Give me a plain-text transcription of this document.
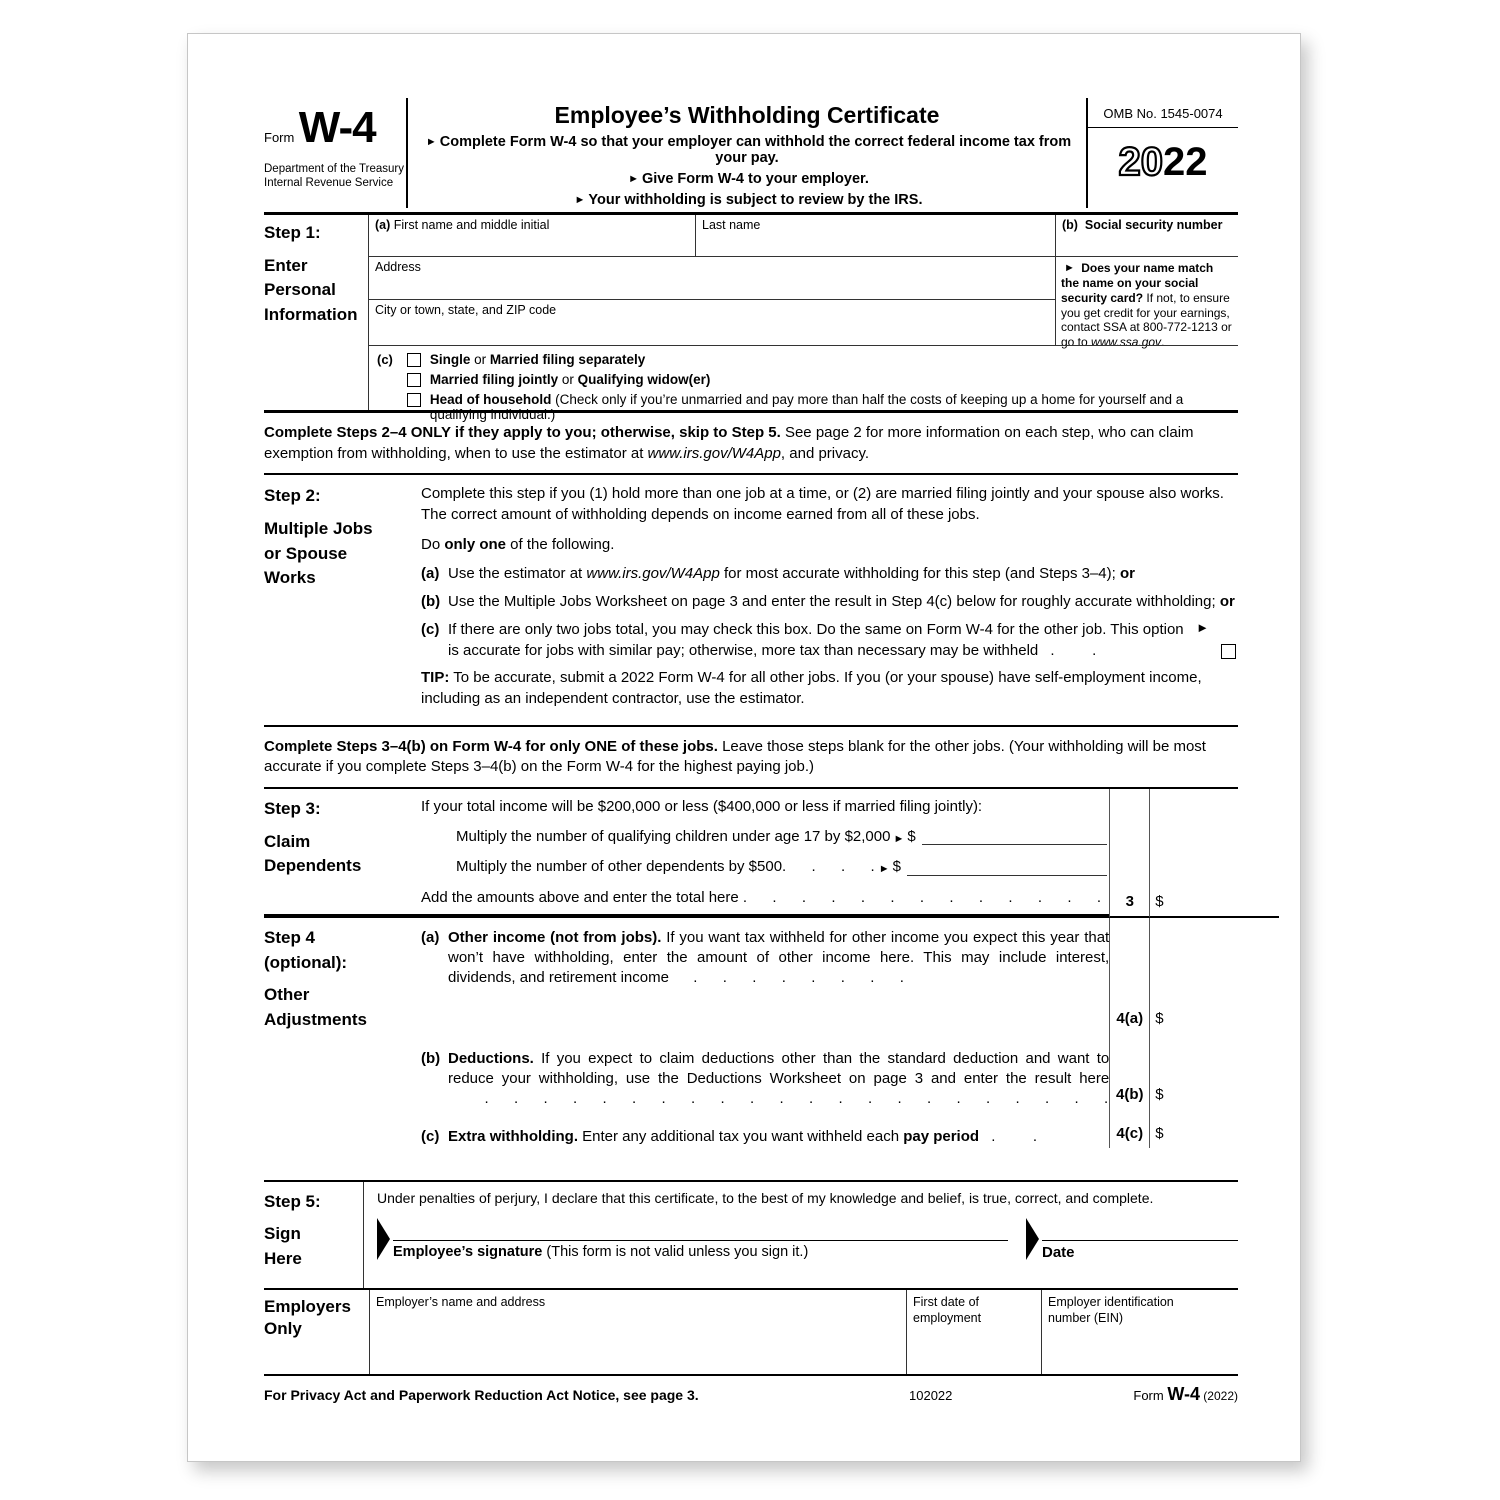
Form W-4
Department of the Treasury
Internal Revenue Service
Employee’s Withholding Certificate
► Complete Form W-4 so that your employer can withhold the correct federal income tax from your pay.
► Give Form W-4 to your employer.
► Your withholding is subject to review by the IRS.
OMB No. 1545-0074
2022
Step 1:
Enter
Personal
Information
(a) First name and middle initial	Last name	(b) Social security number
Address	► Does your name match the name on your social security card? If not, to ensure you get credit for your earnings, contact SSA at 800-772-1213 or go to www.ssa.gov.
City or town, state, and ZIP code
(c)	Single or Married filing separately
Married filing jointly or Qualifying widow(er)
Head of household (Check only if you’re unmarried and pay more than half the costs of keeping up a home for yourself and a qualifying individual.)
Complete Steps 2–4 ONLY if they apply to you; otherwise, skip to Step 5. See page 2 for more information on each step, who can claim exemption from withholding, when to use the estimator at www.irs.gov/W4App, and privacy.
Step 2:
Multiple Jobs
or Spouse
Works

Complete this step if you (1) hold more than one job at a time, or (2) are married filing jointly and your spouse also works. The correct amount of withholding depends on income earned from all of these jobs.

Do only one of the following.

(a) Use the estimator at www.irs.gov/W4App for most accurate withholding for this step (and Steps 3–4); or
(b) Use the Multiple Jobs Worksheet on page 3 and enter the result in Step 4(c) below for roughly accurate withholding; or
(c) If there are only two jobs total, you may check this box. Do the same on Form W-4 for the other job. This option is accurate for jobs with similar pay; otherwise, more tax than necessary may be withheld .   .
►
TIP: To be accurate, submit a 2022 Form W-4 for all other jobs. If you (or your spouse) have self-employment income, including as an independent contractor, use the estimator.
Complete Steps 3–4(b) on Form W-4 for only ONE of these jobs. Leave those steps blank for the other jobs. (Your withholding will be most accurate if you complete Steps 3–4(b) on the Form W-4 for the highest paying job.)
Step 3:
Claim
Dependents
If your total income will be $200,000 or less ($400,000 or less if married filing jointly):
Multiply the number of qualifying children under age 17 by $2,000 ► $
Multiply the number of other dependents by $500 .  .  .  . ► $
Add the amounts above and enter the total here
.  .  .  .  .  .  .  .  .  .  .  .  .	3	$
Step 4
(optional):
Other
Adjustments
(a) Other income (not from jobs). If you want tax withheld for other income you expect this year that won’t have withholding, enter the amount of other income here. This may include interest, dividends, and retirement income  .  .  .  .  .  .  .  .
4(a) $
(b) Deductions. If you expect to claim deductions other than the standard deduction and want to reduce your withholding, use the Deductions Worksheet on page 3 and enter the result here   .  .  .  .  .  .  .  .  .  .  .  .  .  .  .  .  .  .  .  .  .  . 4(b) $
(c) Extra withholding. Enter any additional tax you want withheld each pay period .   .	4(c) $
Step 5:
Sign
Here
Under penalties of perjury, I declare that this certificate, to the best of my knowledge and belief, is true, correct, and complete.
Employee’s signature (This form is not valid unless you sign it.)	Date
Employers
Only
Employer’s name and address	First date of
employment
Employer identification
number (EIN)
For Privacy Act and Paperwork Reduction Act Notice, see page 3.	102022	Form W-4 (2022)
